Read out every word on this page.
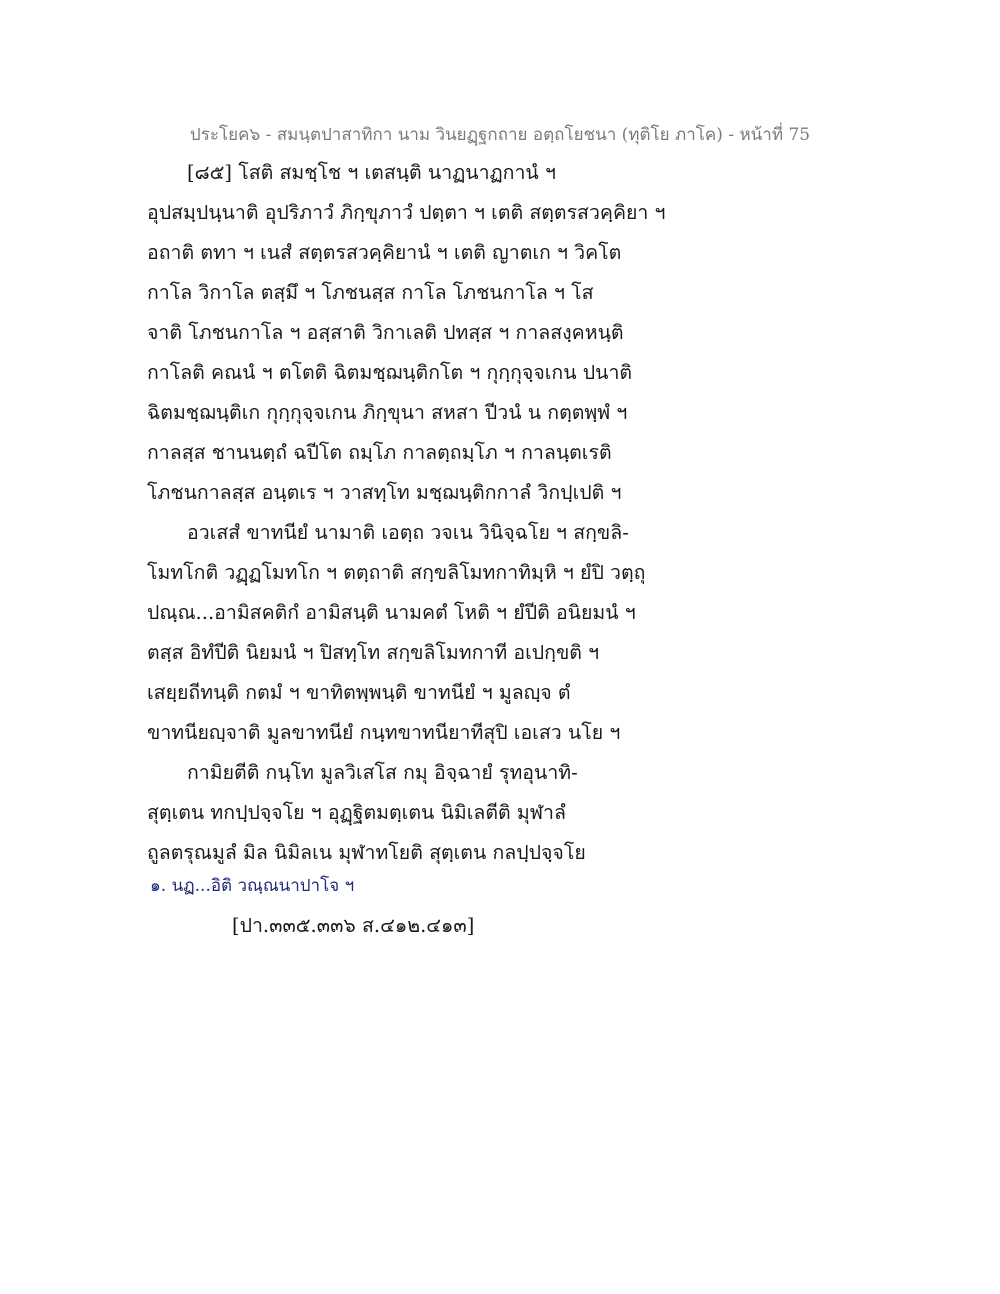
ประโยค๖ - สมนฺตปาสาทิกา นาม วินยฏฺฐกถาย อตฺถโยชนา (ทุติโย ภาโค) - หน้าที่ 75
[๘๕] โสติ สมชฺโช ฯ เตสนฺติ นาฏนาฏกานํ ฯ
อุปสมฺปนฺนาติ อุปริภาวํ ภิกฺขุภาวํ ปตฺตา ฯ เตติ สตฺตรสวคฺคิยา ฯ
อถาติ ตทา ฯ เนสํ สตฺตรสวคฺคิยานํ ฯ เตติ ญาตเก ฯ วิคโต
กาโล วิกาโล ตสฺมึ ฯ โภชนสฺส กาโล โภชนกาโล ฯ โส
จาติ โภชนกาโล ฯ อสฺสาติ วิกาเลติ ปทสฺส ฯ กาลสงฺคหนฺติ
กาโลติ คณนํ ฯ ตโตติ ฉิตมชฺฌนฺติกโต ฯ กุกฺกุจฺจเกน ปนาติ
ฉิตมชฺฌนฺติเก กุกฺกุจฺจเกน ภิกฺขุนา สหสา ปีวนํ น กตฺตพฺพํ ฯ
กาลสฺส ชานนตฺถํ ฉปีโต ถมฺโภ กาลตฺถมฺโภ ฯ กาลนฺตเรติ
โภชนกาลสฺส อนฺตเร ฯ วาสทฺโท มชฺฌนฺติกกาลํ วิกปฺเปติ ฯ
อวเสสํ ขาทนียํ นามาติ เอตฺถ วจเน วินิจฺฉโย ฯ สกฺขลิ-
โมทโกติ วฏฺฏโมทโก ฯ ตตฺถาติ สกฺขลิโมทกาทิมฺหิ ฯ ยํปิ วตฺถุ
ปณฺณ...อามิสคติกํ อามิสนฺติ นามคตํ โหติ ฯ ยํปีติ อนิยมนํ ฯ
ตสฺส อิทํปีติ นิยมนํ ฯ ปิสทฺโท สกฺขลิโมทกาที อเปกฺขติ ฯ
เสยฺยถีทนฺติ กตมํ ฯ ขาทิตพฺพนฺติ ขาทนียํ ฯ มูลญฺจ ตํ
ขาทนียญฺจาติ มูลขาทนียํ กนฺทขาทนียาทีสุปิ เอเสว นโย ฯ
กามิยตีติ กนฺโท มูลวิเสโส กมุ อิจฺฉายํ รุทอุนาทิ-
สุตฺเตน ทกปฺปจฺจโย ฯ อุฏฺฐิตมตฺเตน นิมิเลตีติ มุฬาลํ
ถูลตรุณมูลํ มิล นิมิลเน มุฬาทโยติ สุตฺเตน กลปฺปจฺจโย
๑. นฏ...อิติ วณฺณนาปาโจ ฯ
[ปา.๓๓๕.๓๓๖ ส.๔๑๒.๔๑๓]
